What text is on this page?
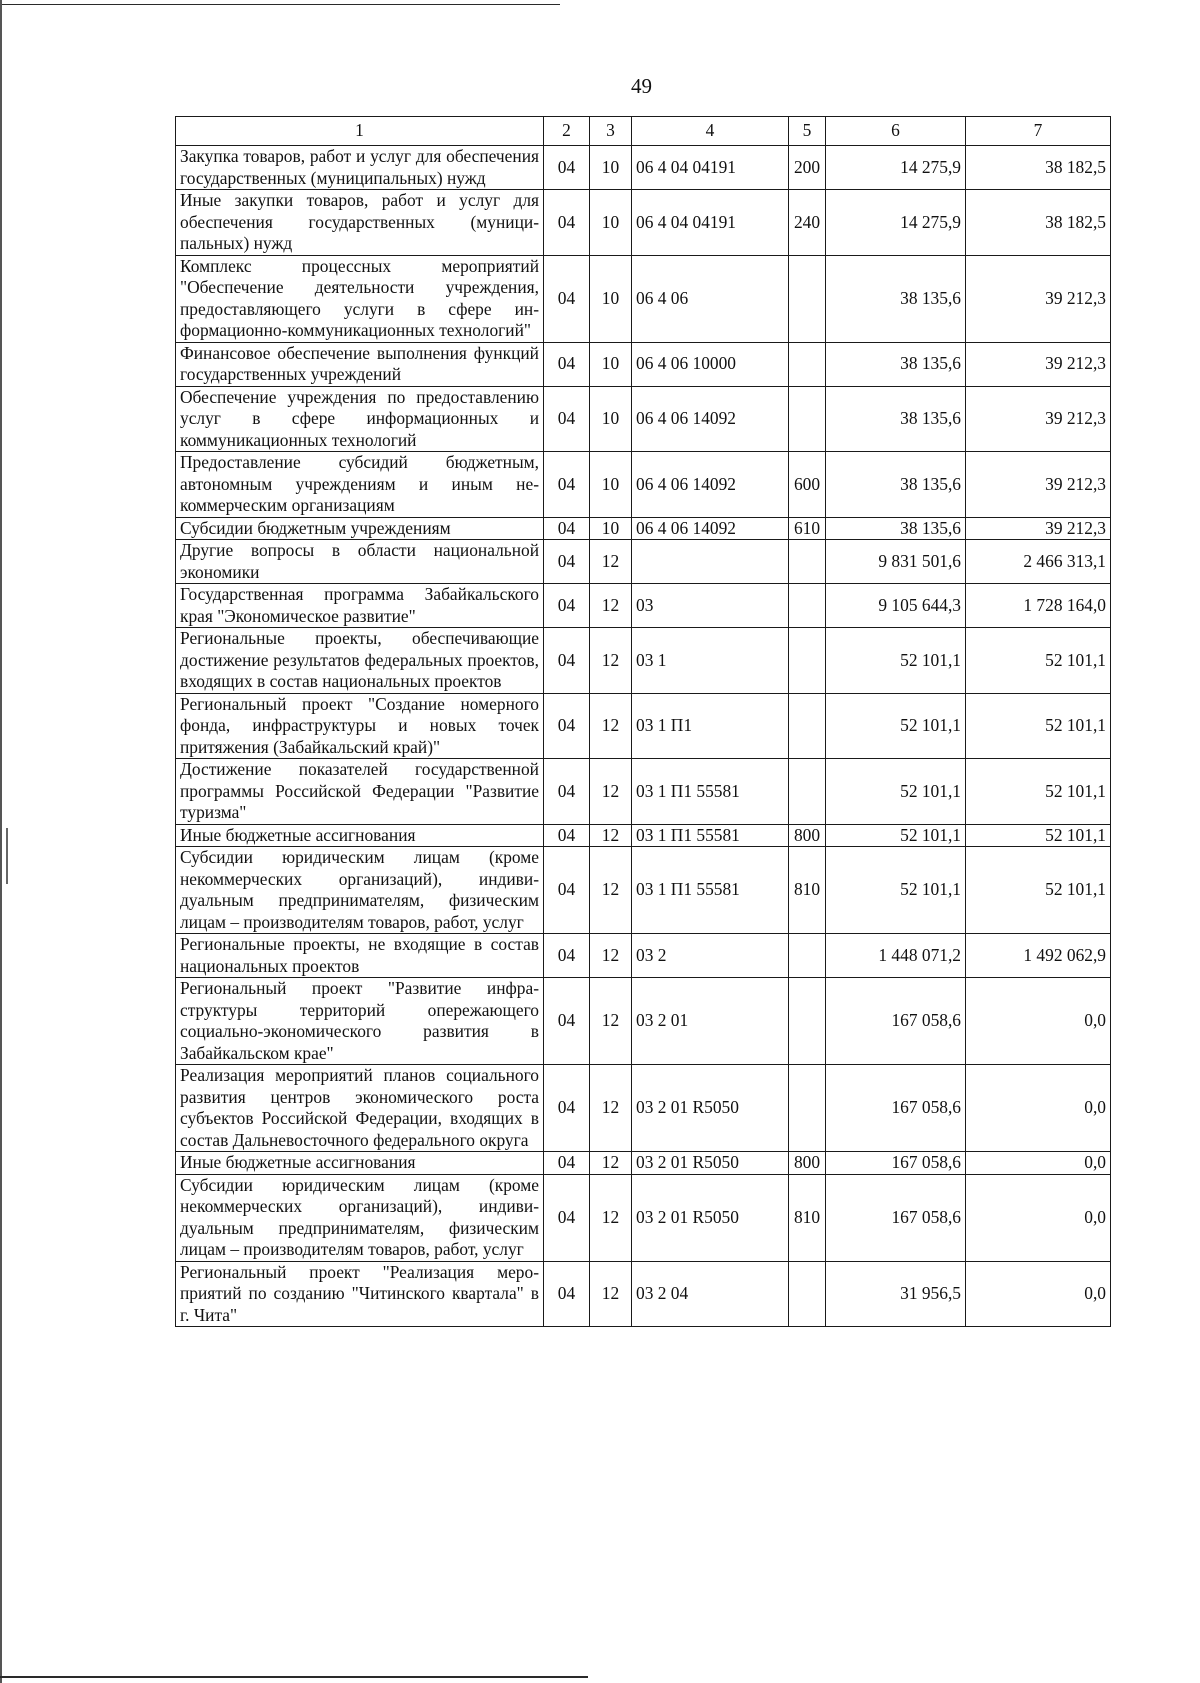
49
1	2	3	4	5	6	7
Закупка товаров, работ и услуг для обеспечения государственных (муниципальных) нужд	04	10	06 4 04 04191	200	14 275,9	38 182,5
Иные закупки товаров, работ и услуг для обеспечения государственных (муниципальных) нужд	04	10	06 4 04 04191	240	14 275,9	38 182,5
Комплекс процессных мероприятий "Обеспечение деятельности учреждения, предоставляющего услуги в сфере информационно-коммуникационных технологий"	04	10	06 4 06		38 135,6	39 212,3
Финансовое обеспечение выполнения функций государственных учреждений	04	10	06 4 06 10000		38 135,6	39 212,3
Обеспечение учреждения по предоставлению услуг в сфере информационных и коммуникационных технологий	04	10	06 4 06 14092		38 135,6	39 212,3
Предоставление субсидий бюджетным, автономным учреждениям и иным некоммерческим организациям	04	10	06 4 06 14092	600	38 135,6	39 212,3
Субсидии бюджетным учреждениям	04	10	06 4 06 14092	610	38 135,6	39 212,3
Другие вопросы в области национальной экономики	04	12			9 831 501,6	2 466 313,1
Государственная программа Забайкальского края "Экономическое развитие"	04	12	03		9 105 644,3	1 728 164,0
Региональные проекты, обеспечивающие достижение результатов федеральных проектов, входящих в состав национальных проектов	04	12	03 1		52 101,1	52 101,1
Региональный проект "Создание номерного фонда, инфраструктуры и новых точек притяжения (Забайкальский край)"	04	12	03 1 П1		52 101,1	52 101,1
Достижение показателей государственной программы Российской Федерации "Развитие туризма"	04	12	03 1 П1 55581		52 101,1	52 101,1
Иные бюджетные ассигнования	04	12	03 1 П1 55581	800	52 101,1	52 101,1
Субсидии юридическим лицам (кроме некоммерческих организаций), индивидуальным предпринимателям, физическим лицам – производителям товаров, работ, услуг	04	12	03 1 П1 55581	810	52 101,1	52 101,1
Региональные проекты, не входящие в состав национальных проектов	04	12	03 2		1 448 071,2	1 492 062,9
Региональный проект "Развитие инфраструктуры территорий опережающего социально-экономического развития в Забайкальском крае"	04	12	03 2 01		167 058,6	0,0
Реализация мероприятий планов социального развития центров экономического роста субъектов Российской Федерации, входящих в состав Дальневосточного федерального округа	04	12	03 2 01 R5050		167 058,6	0,0
Иные бюджетные ассигнования	04	12	03 2 01 R5050	800	167 058,6	0,0
Субсидии юридическим лицам (кроме некоммерческих организаций), индивидуальным предпринимателям, физическим лицам – производителям товаров, работ, услуг	04	12	03 2 01 R5050	810	167 058,6	0,0
Региональный проект "Реализация мероприятий по созданию "Читинского квартала" в г. Чита"	04	12	03 2 04		31 956,5	0,0
